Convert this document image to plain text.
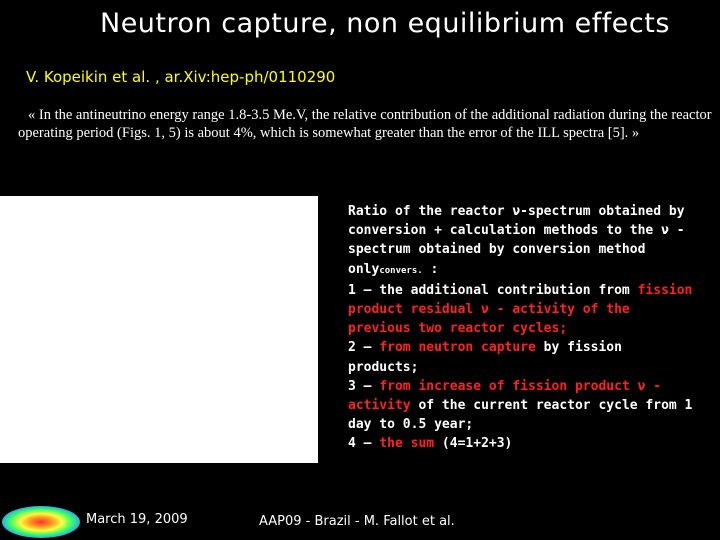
Neutron capture, non equilibrium effects
V. Kopeikin et al. , ar.Xiv:hep-ph/0110290
« In the antineutrino energy range 1.8-3.5 Me.V, the relative contribution of the additional radiation during the reactor operating period (Figs. 1, 5) is about 4%, which is somewhat greater than the error of the ILL spectra [5]. »
Ratio of the reactor ν-spectrum obtained by conversion + calculation methods to the ν - spectrum obtained by conversion method onlyconvers. :
1 – the additional contribution from fission product residual ν - activity of the previous two reactor cycles;
2 – from neutron capture by fission products;
3 – from increase of fission product ν - activity of the current reactor cycle from 1 day to 0.5 year;
4 – the sum (4=1+2+3)
March 19, 2009	AAP09 - Brazil - M. Fallot et al.
